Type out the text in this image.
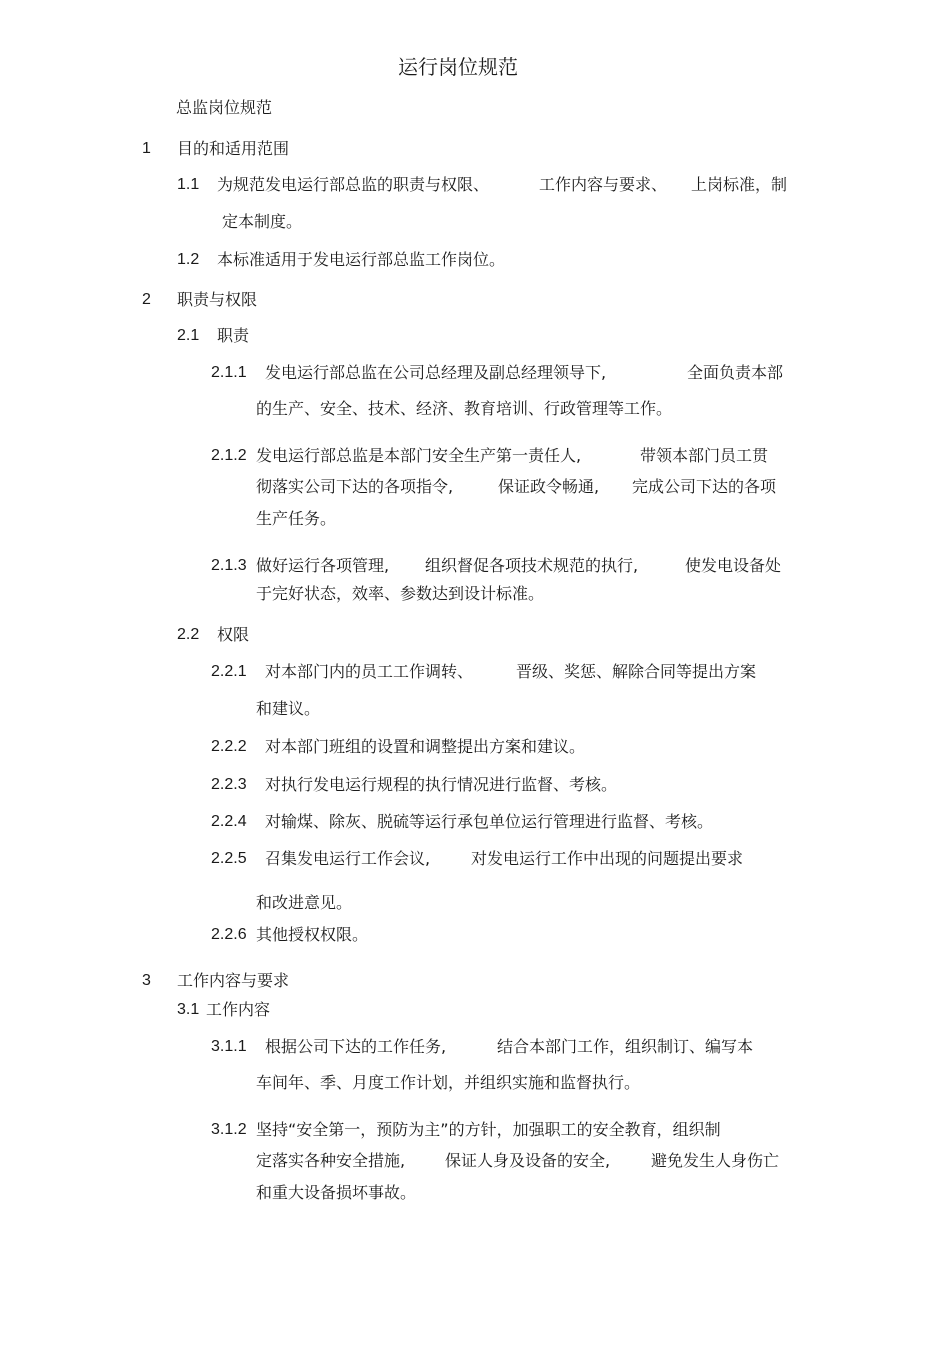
运行岗位规范
总监岗位规范
1 目的和适用范围
1.1 为规范发电运行部总监的职责与权限、	工作内容与要求、 上岗标准，制
定本制度。
1.2 本标准适用于发电运行部总监工作岗位。
2 职责与权限
2.1 职责
2.1.1 发电运行部总监在公司总经理及副总经理领导下,	全面负责本部
的生产、安全、技术、经济、教育培训、行政管理等工作。
2.1.2 发电运行部总监是本部门安全生产第一责任人,	带领本部门员工贯
彻落实公司下达的各项指令,	保证政令畅通, 完成公司下达的各项
生产任务。
2.1.3 做好运行各项管理, 组织督促各项技术规范的执行,	使发电设备处
于完好状态，效率、参数达到设计标准。
2.2 权限
2.2.1 对本部门内的员工工作调转、	晋级、奖惩、解除合同等提出方案
和建议。
2.2.2 对本部门班组的设置和调整提出方案和建议。
2.2.3 对执行发电运行规程的执行情况进行监督、考核。
2.2.4 对输煤、除灰、脱硫等运行承包单位运行管理进行监督、考核。
2.2.5 召集发电运行工作会议,	对发电运行工作中出现的问题提出要求
和改进意见。
2.2.6 其他授权权限。
3 工作内容与要求
3.1 工作内容
3.1.1 根据公司下达的工作任务,	结合本部门工作，组织制订、编写本
车间年、季、月度工作计划，并组织实施和监督执行。
3.1.2 坚持“安全第一，预防为主”的方针，加强职工的安全教育，组织制
定落实各种安全措施, 保证人身及设备的安全,	避免发生人身伤亡
和重大设备损坏事故。
